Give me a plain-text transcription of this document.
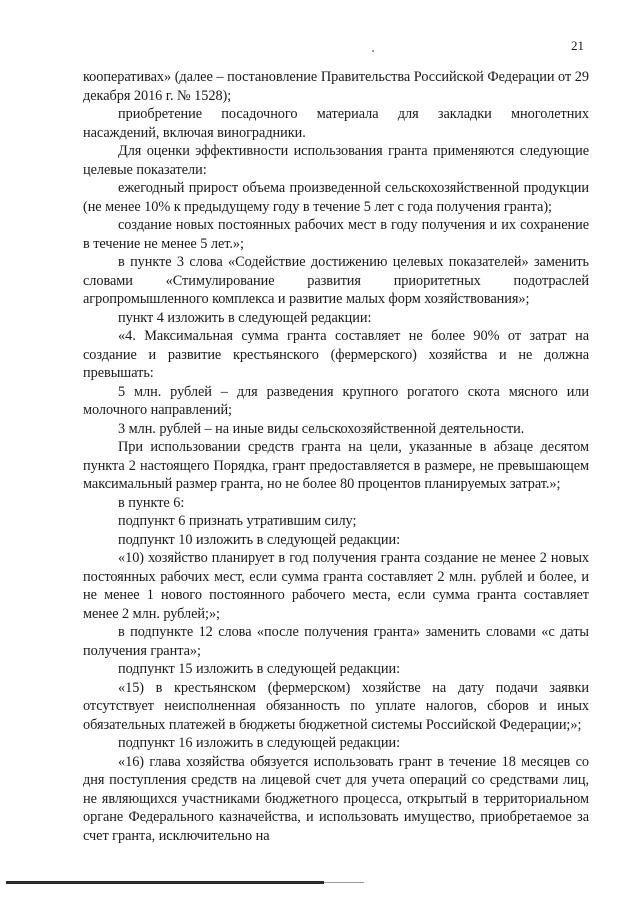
21

кооперативах» (далее – постановление Правительства Российской Федерации от 29 декабря 2016 г. № 1528);

приобретение посадочного материала для закладки многолетних насаждений, включая виноградники.

Для оценки эффективности использования гранта применяются следующие целевые показатели:

ежегодный прирост объема произведенной сельскохозяйственной продукции (не менее 10% к предыдущему году в течение 5 лет с года получения гранта);

создание новых постоянных рабочих мест в году получения и их сохранение в течение не менее 5 лет.»;

в пункте 3 слова «Содействие достижению целевых показателей» заменить словами «Стимулирование развития приоритетных подотраслей агропромышленного комплекса и развитие малых форм хозяйствования»;

пункт 4 изложить в следующей редакции:

«4. Максимальная сумма гранта составляет не более 90% от затрат на создание и развитие крестьянского (фермерского) хозяйства и не должна превышать:

5 млн. рублей – для разведения крупного рогатого скота мясного или молочного направлений;

3 млн. рублей – на иные виды сельскохозяйственной деятельности.

При использовании средств гранта на цели, указанные в абзаце десятом пункта 2 настоящего Порядка, грант предоставляется в размере, не превышающем максимальный размер гранта, но не более 80 процентов планируемых затрат.»;

в пункте 6:

подпункт 6 признать утратившим силу;

подпункт 10 изложить в следующей редакции:

«10) хозяйство планирует в год получения гранта создание не менее 2 новых постоянных рабочих мест, если сумма гранта составляет 2 млн. рублей и более, и не менее 1 нового постоянного рабочего места, если сумма гранта составляет менее 2 млн. рублей;»;

в подпункте 12 слова «после получения гранта» заменить словами «с даты получения гранта»;

подпункт 15 изложить в следующей редакции:

«15) в крестьянском (фермерском) хозяйстве на дату подачи заявки отсутствует неисполненная обязанность по уплате налогов, сборов и иных обязательных платежей в бюджеты бюджетной системы Российской Федерации;»;

подпункт 16 изложить в следующей редакции:

«16) глава хозяйства обязуется использовать грант в течение 18 месяцев со дня поступления средств на лицевой счет для учета операций со средствами лиц, не являющихся участниками бюджетного процесса, открытый в территориальном органе Федерального казначейства, и использовать имущество, приобретаемое за счет гранта, исключительно на
